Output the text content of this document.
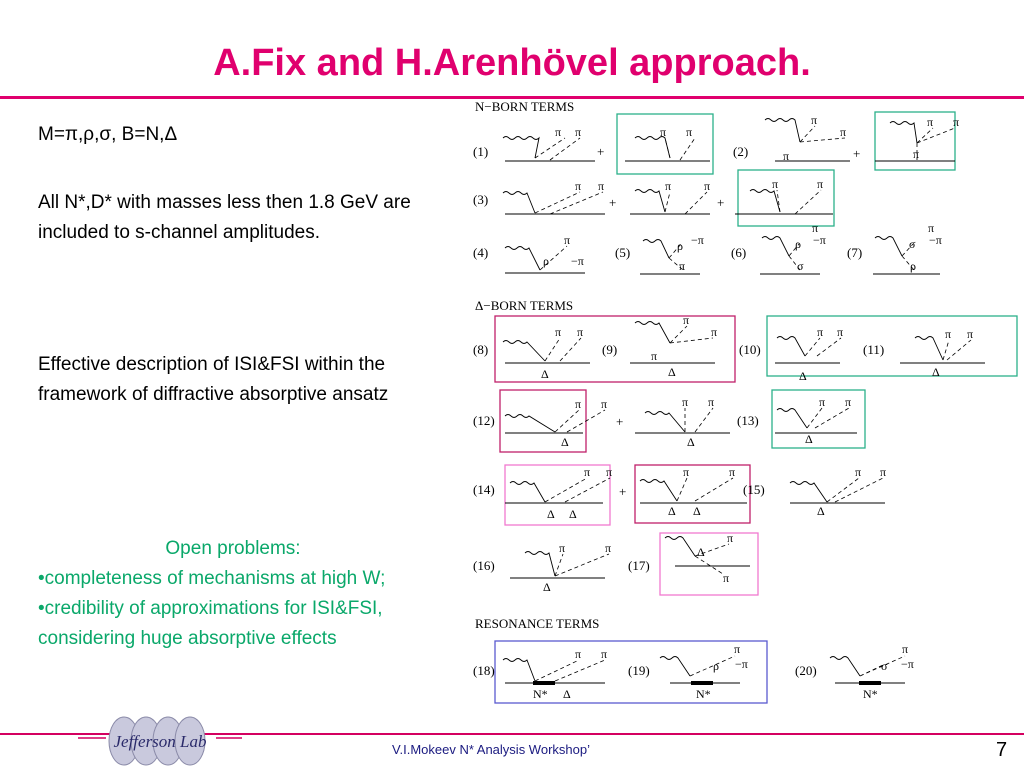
A.Fix and H.Arenhövel approach.
M=π,ρ,σ, B=N,Δ
All N*,D* with masses less then 1.8 GeV are included to s-channel amplitudes.
Effective description of ISI&FSI within the framework of diffractive absorptive ansatz
Open problems:
•completeness of mechanisms at high W;
•credibility of approximations for ISI&FSI, considering huge absorptive effects
N−BORN TERMS
Δ−BORN TERMS
RESONANCE TERMS
(1)	(2)
(3)
(4)	(5)	(6)	(7)
(8)	(9)	(10)	(11)
(12)	(13)
(14)	(15)
(16)	(17)
(18)	(19)	(20)
+	+
+	+
+
+
π π	π π
π
π
π
π π
π
π π	π	π	π	π
π
ρ −π
ρ −π
π
ρ −π
π
σ
σ −π
π
ρ
π π
Δ
π
π
π
Δ
π π
Δ
π π
Δ
π π
Δ
π π
Δ
π π
Δ
π π
Δ Δ
π	π
Δ Δ
π π
Δ
π	π
Δ
π
Δ
π
π π
N* Δ
π
ρ −π
N*
π
σ −π
N*
Jefferson Lab	V.I.Mokeev N* Analysis Workshop’	7
